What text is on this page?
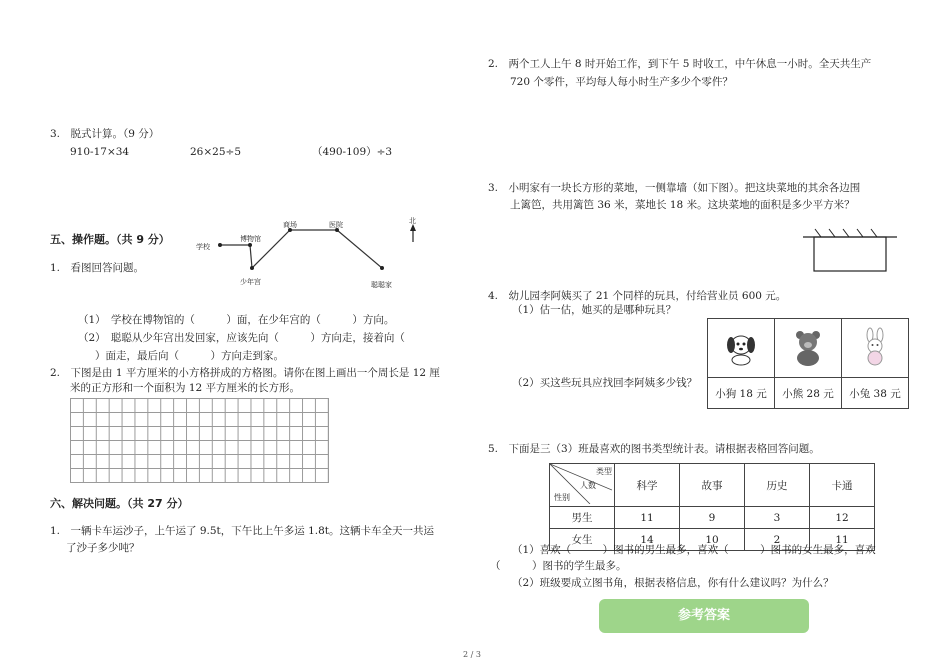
3.　脱式计算。（9 分）
910-17×34	26×25÷5	（490-109）÷3
五、操作题。（共 9 分）
1.　看图回答问题。
学校
博物馆
商场	医院	北
少年宫	聪聪家
（1）　学校在博物馆的（　　　）面，在少年宫的（　　　）方向。
（2）　聪聪从少年宫出发回家，应该先向（　　　）方向走，接着向（
）面走，最后向（　　　）方向走到家。
2.　下图是由 1 平方厘米的小方格拼成的方格图。请你在图上画出一个周长是 12 厘
米的正方形和一个面积为 12 平方厘米的长方形。
六、解决问题。（共 27 分）
1.　一辆卡车运沙子，上午运了 9.5t，下午比上午多运 1.8t。这辆卡车全天一共运
了沙子多少吨？
2.　两个工人上午 8 时开始工作，到下午 5 时收工，中午休息一小时。全天共生产
720 个零件，平均每人每小时生产多少个零件？
3.　小明家有一块长方形的菜地，一侧靠墙（如下图）。把这块菜地的其余各边围
上篱笆，共用篱笆 36 米，菜地长 18 米。这块菜地的面积是多少平方米？
4.　幼儿园李阿姨买了 21 个同样的玩具，付给营业员 600 元。
（1）估一估，她买的是哪种玩具？
（2）买这些玩具应找回李阿姨多少钱？

小狗 18 元	小熊 28 元	小兔 38 元
5.　下面是三（3）班最喜欢的图书类型统计表。请根据表格回答问题。
类型
人数
性别	科学	故事	历史	卡通
男生	11	9	3	12
女生	14	10	2	11
（1）喜欢（　　　）图书的男生最多，喜欢（　　　）图书的女生最多，喜欢
（　　　）图书的学生最多。
（2）班级要成立图书角，根据表格信息，你有什么建议吗？为什么？
参考答案
2 / 3
